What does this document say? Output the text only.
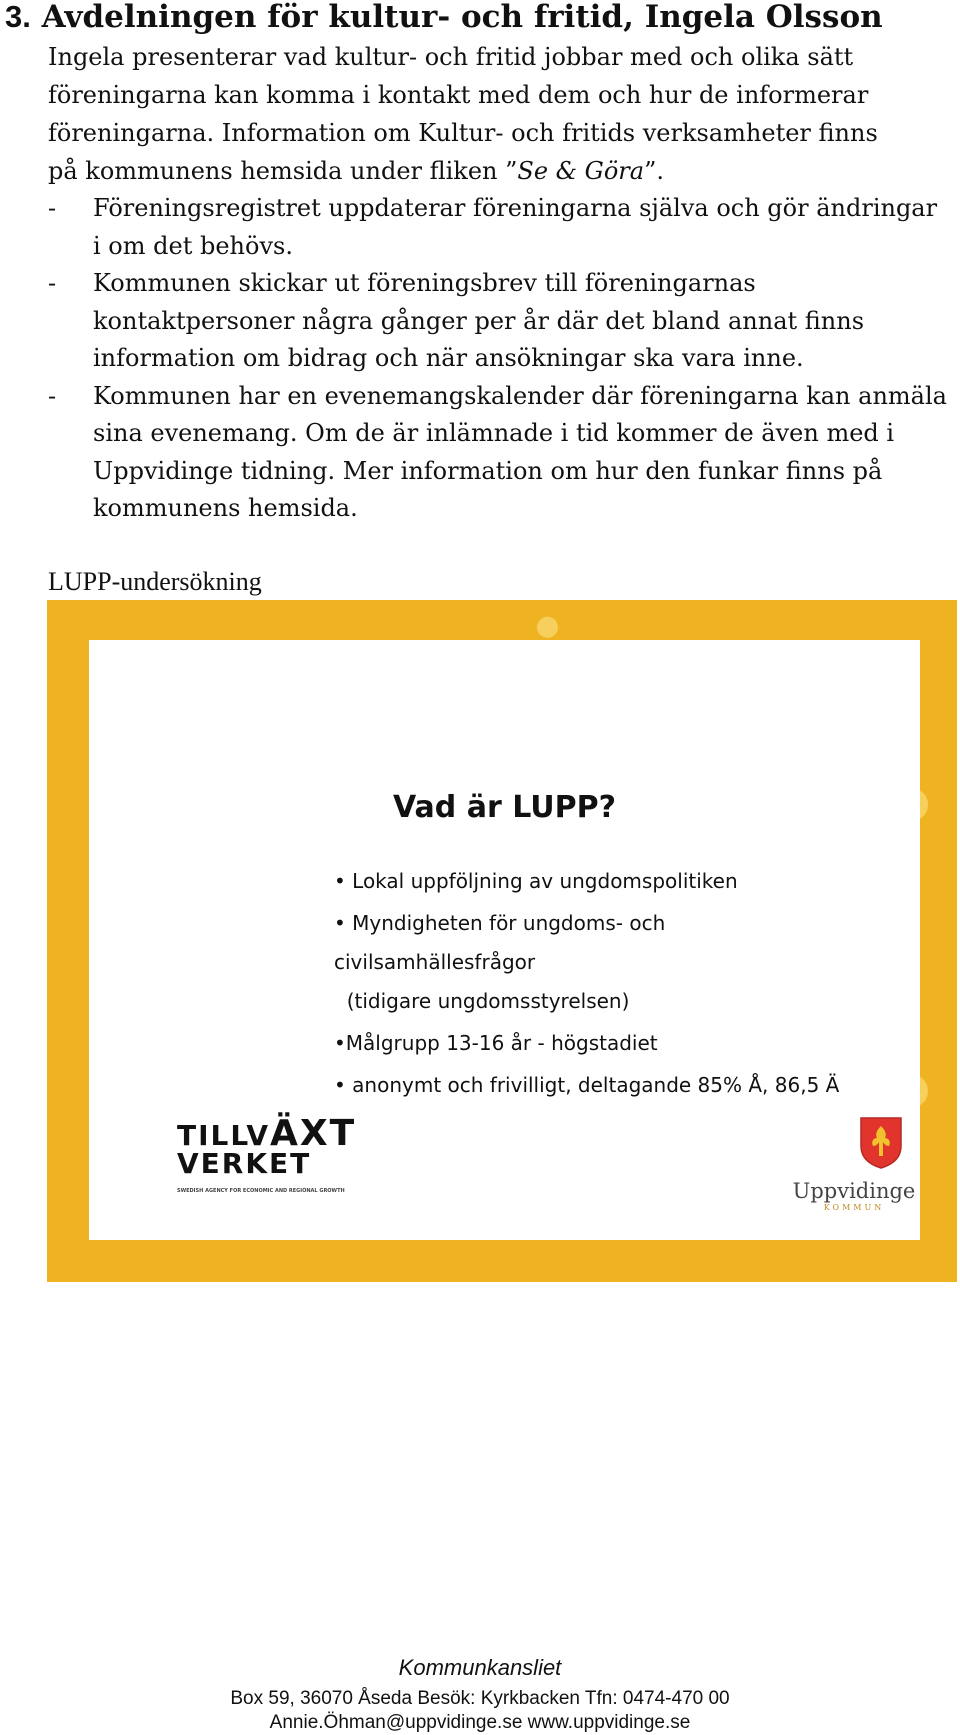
3. Avdelningen för kultur- och fritid, Ingela Olsson
Ingela presenterar vad kultur- och fritid jobbar med och olika sätt
föreningarna kan komma i kontakt med dem och hur de informerar
föreningarna. Information om Kultur- och fritids verksamheter finns
på kommunens hemsida under fliken ”Se & Göra”.
- Föreningsregistret uppdaterar föreningarna själva och gör ändringar i om det behövs.
- Kommunen skickar ut föreningsbrev till föreningarnas kontaktpersoner några gånger per år där det bland annat finns information om bidrag och när ansökningar ska vara inne.
- Kommunen har en evenemangskalender där föreningarna kan anmäla sina evenemang. Om de är inlämnade i tid kommer de även med i Uppvidinge tidning. Mer information om hur den funkar finns på kommunens hemsida.
LUPP-undersökning
Vad är LUPP?
• Lokal uppföljning av ungdomspolitiken
• Myndigheten för ungdoms- och
civilsamhällesfrågor
(tidigare ungdomsstyrelsen)
•Målgrupp 13-16 år - högstadiet
• anonymt och frivilligt, deltagande 85% Å, 86,5 Ä
TILLVÄXT
VERKET
SWEDISH AGENCY FOR ECONOMIC AND REGIONAL GROWTH	Uppvidinge
KOMMUN
Kommunkansliet
Box 59, 36070 Åseda Besök: Kyrkbacken Tfn: 0474-470 00
Annie.Öhman@uppvidinge.se www.uppvidinge.se
